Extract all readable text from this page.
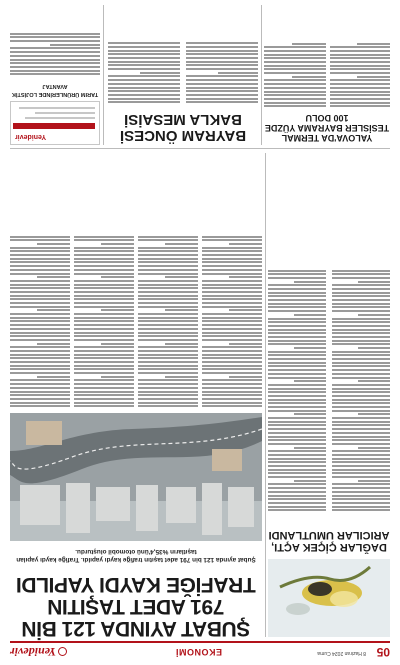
05
8 Haziran 2024 Cuma
EKONOMİ
Yenidevir
DAĞLAR ÇİÇEK AÇTI, ARICILAR UMUTLANDI
ŞUBAT AYINDA 121 BİN
791 ADET TAŞITIN
TRAFİĞE KAYDI YAPILDI
Şubat ayında 121 bin 791 adet taşıtın trafiğe kaydı yapıldı. Trafiğe kaydı yapılan taşıtların %35,4'ünü otomobil oluşturdu.
YALOVA'DA TERMAL TESİSLER BAYRAMA YÜZDE 100 DOLU
BAYRAM ÖNCESİ
BAKLA MESAİSİ
Yenidevir
TARIM ÜRÜNLERİNDE LOJİSTİK AVANTAJ
